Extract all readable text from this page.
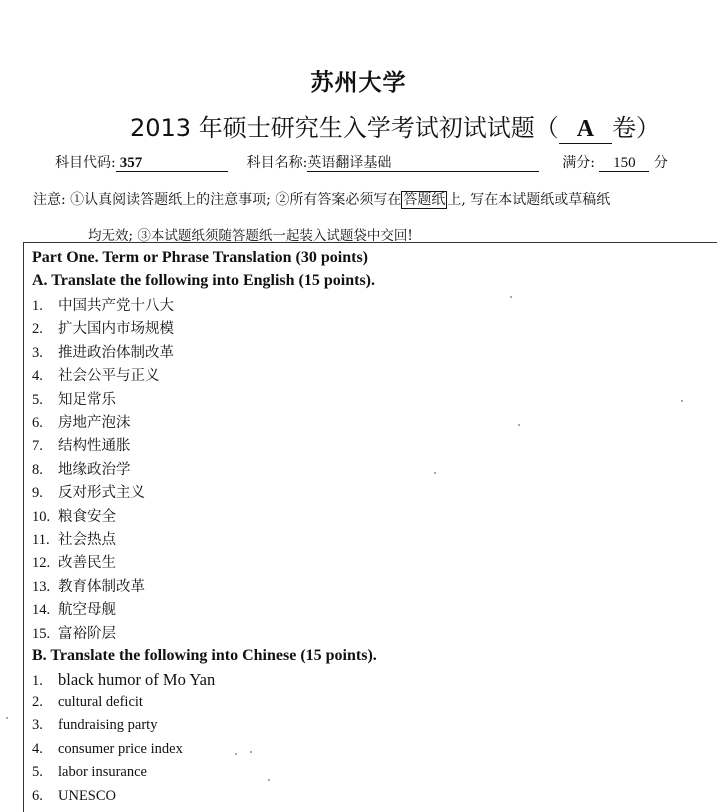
苏州大学
2013 年硕士研究生入学考试初试试题（ A 卷）
科目代码: 357	科目名称:英语翻译基础	满分: 150 分
注意: ①认真阅读答题纸上的注意事项; ②所有答案必须写在 答题纸 上, 写在本试题纸或草稿纸
均无效; ③本试题纸须随答题纸一起装入试题袋中交回!
Part One. Term or Phrase Translation (30 points)
A. Translate the following into English (15 points).
1. 中国共产党十八大
2. 扩大国内市场规模
3. 推进政治体制改革
4. 社会公平与正义
5. 知足常乐
6. 房地产泡沫
7. 结构性通胀
8. 地缘政治学
9. 反对形式主义
10. 粮食安全
11. 社会热点
12. 改善民生
13. 教育体制改革
14. 航空母舰
15. 富裕阶层
B. Translate the following into Chinese (15 points).
1. black humor of Mo Yan
2. cultural deficit
3. fundraising party
4. consumer price index
5. labor insurance
6. UNESCO
